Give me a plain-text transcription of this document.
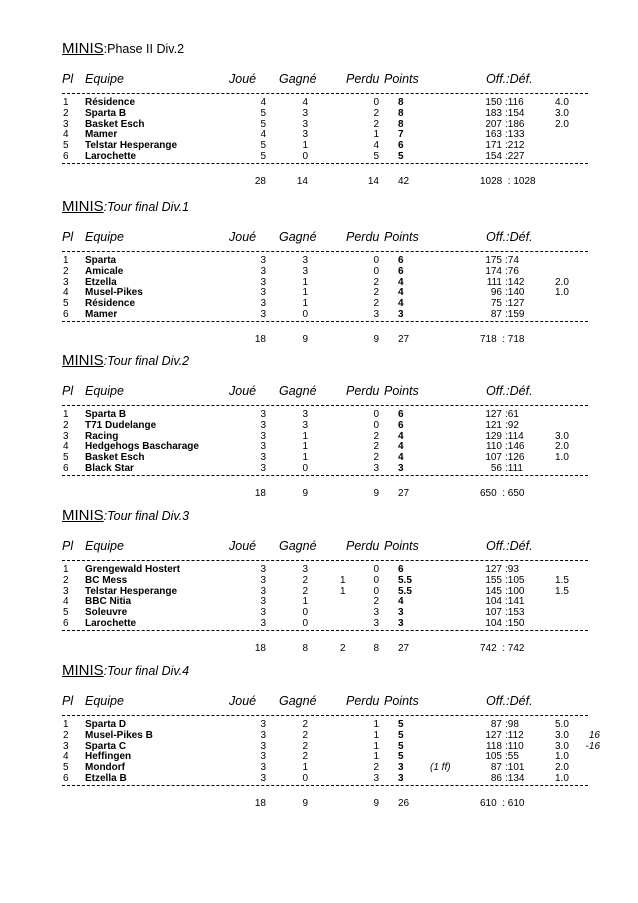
MINIS:Phase II Div.2
Pl Equipe	Joué Gagné Perdu Points	Off.:Déf.
1 Résidence	4	4	0 8	150 :116	4.0
2 Sparta B	5	3	2 8	183 :154	3.0
3 Basket Esch	5	3	2 8	207 :186	2.0
4 Mamer	4	3	1 7	163 :133
5 Telstar Hesperange	5	1	4 6	171 :212
6 Larochette	5	0	5 5	154 :227
28	14	14 42	1028  : 1028
MINIS:Tour final Div.1
Pl Equipe	Joué Gagné Perdu Points	Off.:Déf.
1 Sparta	3	3	0 6	175 :74
2 Amicale	3	3	0 6	174 :76
3 Etzella	3	1	2 4	111 :142	2.0
4 Musel-Pikes	3	1	2 4	96 :140	1.0
5 Résidence	3	1	2 4	75 :127
6 Mamer	3	0	3 3	87 :159
18	9	9 27	718  : 718
MINIS:Tour final Div.2
Pl Equipe	Joué Gagné Perdu Points	Off.:Déf.
1 Sparta B	3	3	0 6	127 :61
2 T71 Dudelange	3	3	0 6	121 :92
3 Racing	3	1	2 4	129 :114	3.0
4 Hedgehogs Bascharage	3	1	2 4	110 :146	2.0
5 Basket Esch	3	1	2 4	107 :126	1.0
6 Black Star	3	0	3 3	56 :111
18	9	9 27	650  : 650
MINIS:Tour final Div.3
Pl Equipe	Joué Gagné Perdu Points	Off.:Déf.
1 Grengewald Hostert	3	3	0 6	127 :93
2 BC Mess	3	2	1	0 5.5	155 :105	1.5
3 Telstar Hesperange	3	2	1	0 5.5	145 :100	1.5
4 BBC Nitia	3	1	2 4	104 :141
5 Soleuvre	3	0	3 3	107 :153
6 Larochette	3	0	3 3	104 :150
18	8	2	8 27	742  : 742
MINIS:Tour final Div.4
Pl Equipe	Joué Gagné Perdu Points	Off.:Déf.
1 Sparta D	3	2	1 5	87 :98	5.0
2 Musel-Pikes B	3	2	1 5	127 :112	3.0	16
3 Sparta C	3	2	1 5	118 :110	3.0	-16
4 Heffingen	3	2	1 5	105 :55	1.0
5 Mondorf	3	1	2 3	(1 ff)	87 :101	2.0
6 Etzella B	3	0	3 3	86 :134	1.0
18	9	9 26	610  : 610
